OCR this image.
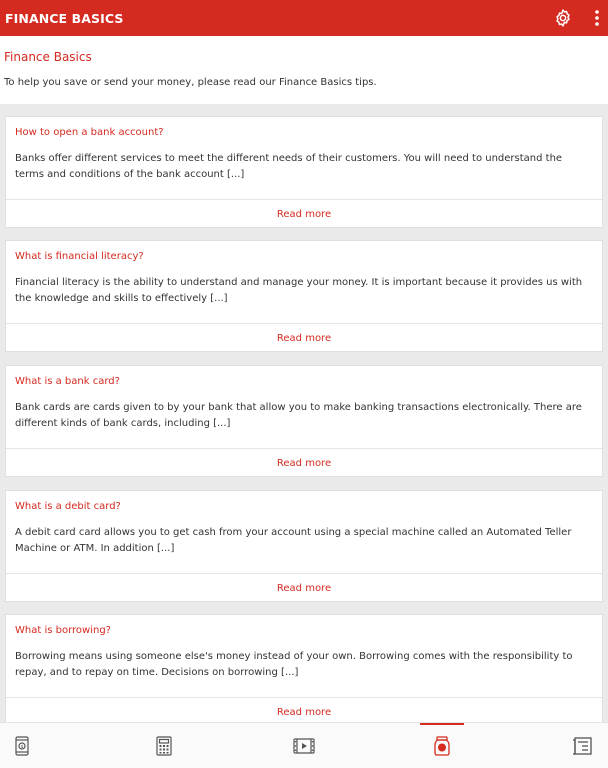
FINANCE BASICS
Finance Basics
To help you save or send your money, please read our Finance Basics tips.
How to open a bank account?
Banks offer different services to meet the different needs of their customers. You will need to understand the terms and conditions of the bank account [...]
Read more
What is financial literacy?
Financial literacy is the ability to understand and manage your money. It is important because it provides us with the knowledge and skills to effectively [...]
Read more
What is a bank card?
Bank cards are cards given to by your bank that allow you to make banking transactions electronically. There are different kinds of bank cards, including [...]
Read more
What is a debit card?
A debit card card allows you to get cash from your account using a special machine called an Automated Teller Machine or ATM. In addition [...]
Read more
What is borrowing?
Borrowing means using someone else's money instead of your own. Borrowing comes with the responsibility to repay, and to repay on time. Decisions on borrowing [...]
Read more
$	$
